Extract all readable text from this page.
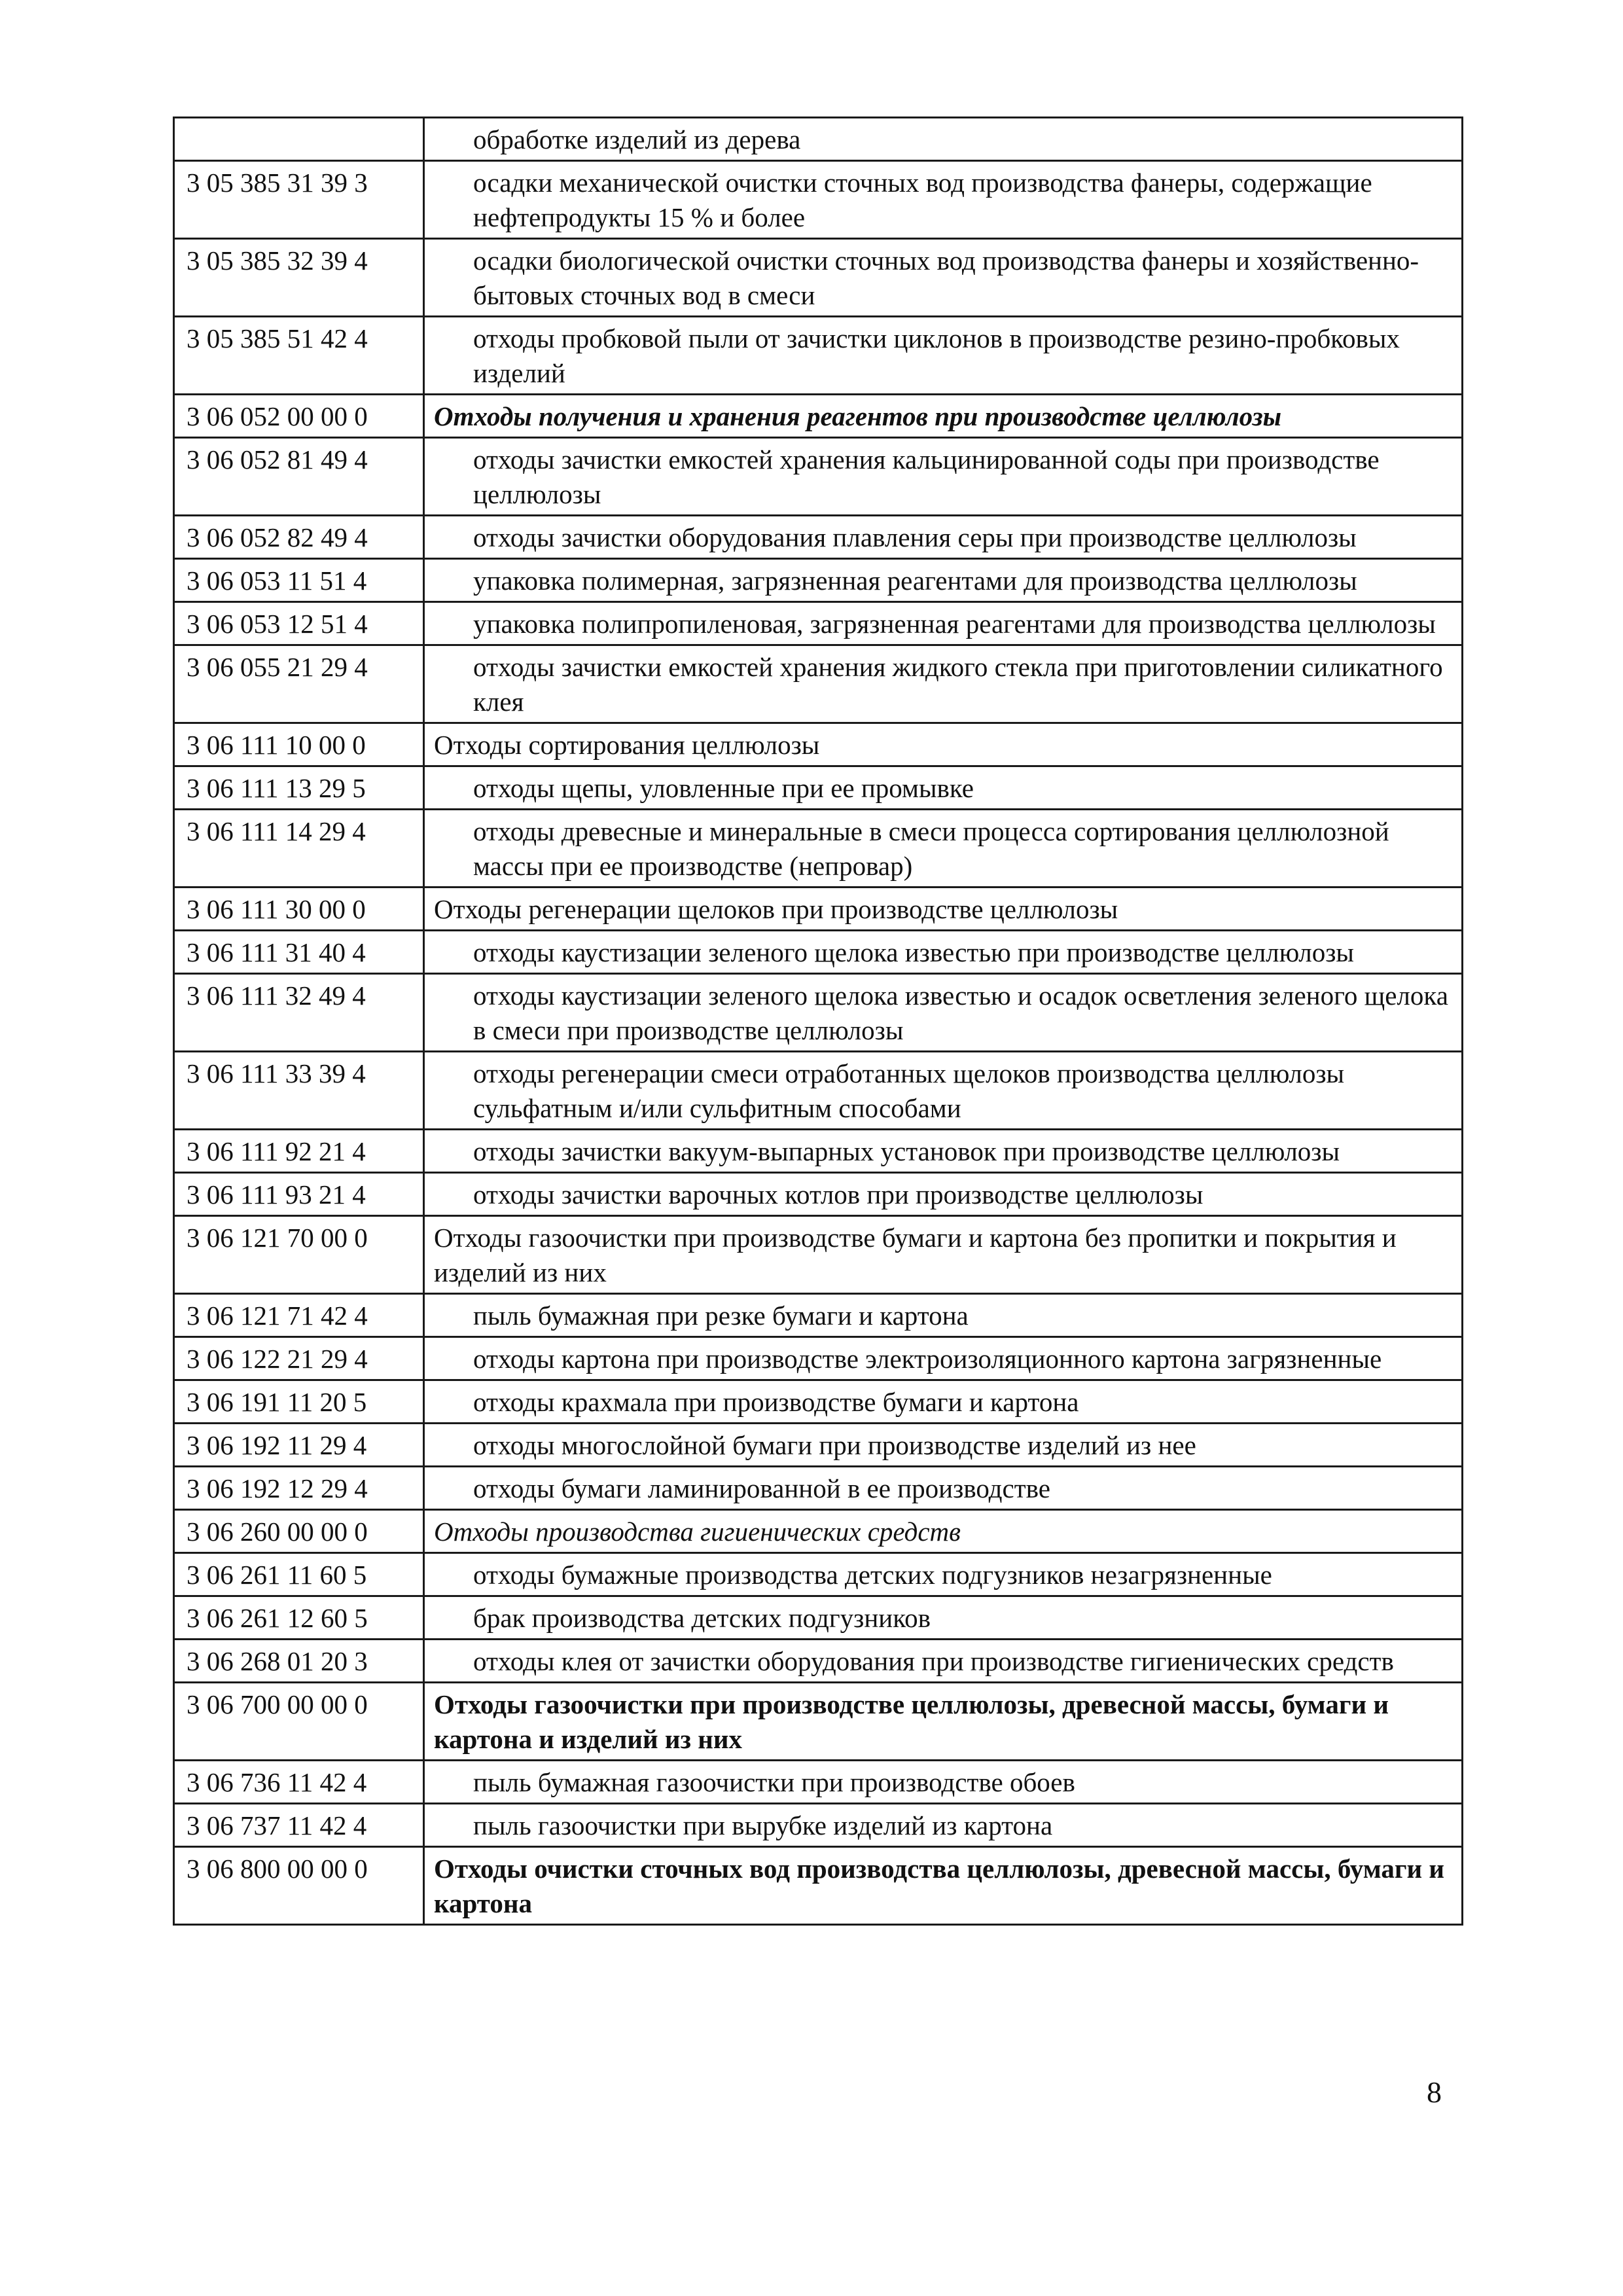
	обработке изделий из дерева
3 05 385 31 39 3	осадки механической очистки сточных вод производства фанеры, содержащие нефтепродукты 15 % и более
3 05 385 32 39 4	осадки биологической очистки сточных вод производства фанеры и хозяйственно-бытовых сточных вод в смеси
3 05 385 51 42 4	отходы пробковой пыли от зачистки циклонов в производстве резино-пробковых изделий
3 06 052 00 00 0	Отходы получения и хранения реагентов при производстве целлюлозы
3 06 052 81 49 4	отходы зачистки емкостей хранения кальцинированной соды при производстве целлюлозы
3 06 052 82 49 4	отходы зачистки оборудования плавления серы при производстве целлюлозы
3 06 053 11 51 4	упаковка полимерная, загрязненная реагентами для производства целлюлозы
3 06 053 12 51 4	упаковка полипропиленовая, загрязненная реагентами для производства целлюлозы
3 06 055 21 29 4	отходы зачистки емкостей хранения жидкого стекла при приготовлении силикатного клея
3 06 111 10 00 0	Отходы сортирования целлюлозы
3 06 111 13 29 5	отходы щепы, уловленные при ее промывке
3 06 111 14 29 4	отходы древесные и минеральные в смеси процесса сортирования целлюлозной массы при ее производстве (непровар)
3 06 111 30 00 0	Отходы регенерации щелоков при производстве целлюлозы
3 06 111 31 40 4	отходы каустизации зеленого щелока известью при производстве целлюлозы
3 06 111 32 49 4	отходы каустизации зеленого щелока известью и осадок осветления зеленого щелока в смеси при производстве целлюлозы
3 06 111 33 39 4	отходы регенерации смеси отработанных щелоков производства целлюлозы сульфатным и/или сульфитным способами
3 06 111 92 21 4	отходы зачистки вакуум-выпарных установок при производстве целлюлозы
3 06 111 93 21 4	отходы зачистки варочных котлов при производстве целлюлозы
3 06 121 70 00 0	Отходы газоочистки при производстве бумаги и картона без пропитки и покрытия и изделий из них
3 06 121 71 42 4	пыль бумажная при резке бумаги и картона
3 06 122 21 29 4	отходы картона при производстве электроизоляционного картона загрязненные
3 06 191 11 20 5	отходы крахмала при производстве бумаги и картона
3 06 192 11 29 4	отходы многослойной бумаги при производстве изделий из нее
3 06 192 12 29 4	отходы бумаги ламинированной в ее производстве
3 06 260 00 00 0	Отходы производства гигиенических средств
3 06 261 11 60 5	отходы бумажные производства детских подгузников незагрязненные
3 06 261 12 60 5	брак производства детских подгузников
3 06 268 01 20 3	отходы клея от зачистки оборудования при производстве гигиенических средств
3 06 700 00 00 0	Отходы газоочистки при производстве целлюлозы, древесной массы, бумаги и картона и изделий из них
3 06 736 11 42 4	пыль бумажная газоочистки при производстве обоев
3 06 737 11 42 4	пыль газоочистки при вырубке изделий из картона
3 06 800 00 00 0	Отходы очистки сточных вод производства целлюлозы, древесной массы, бумаги и картона
8
